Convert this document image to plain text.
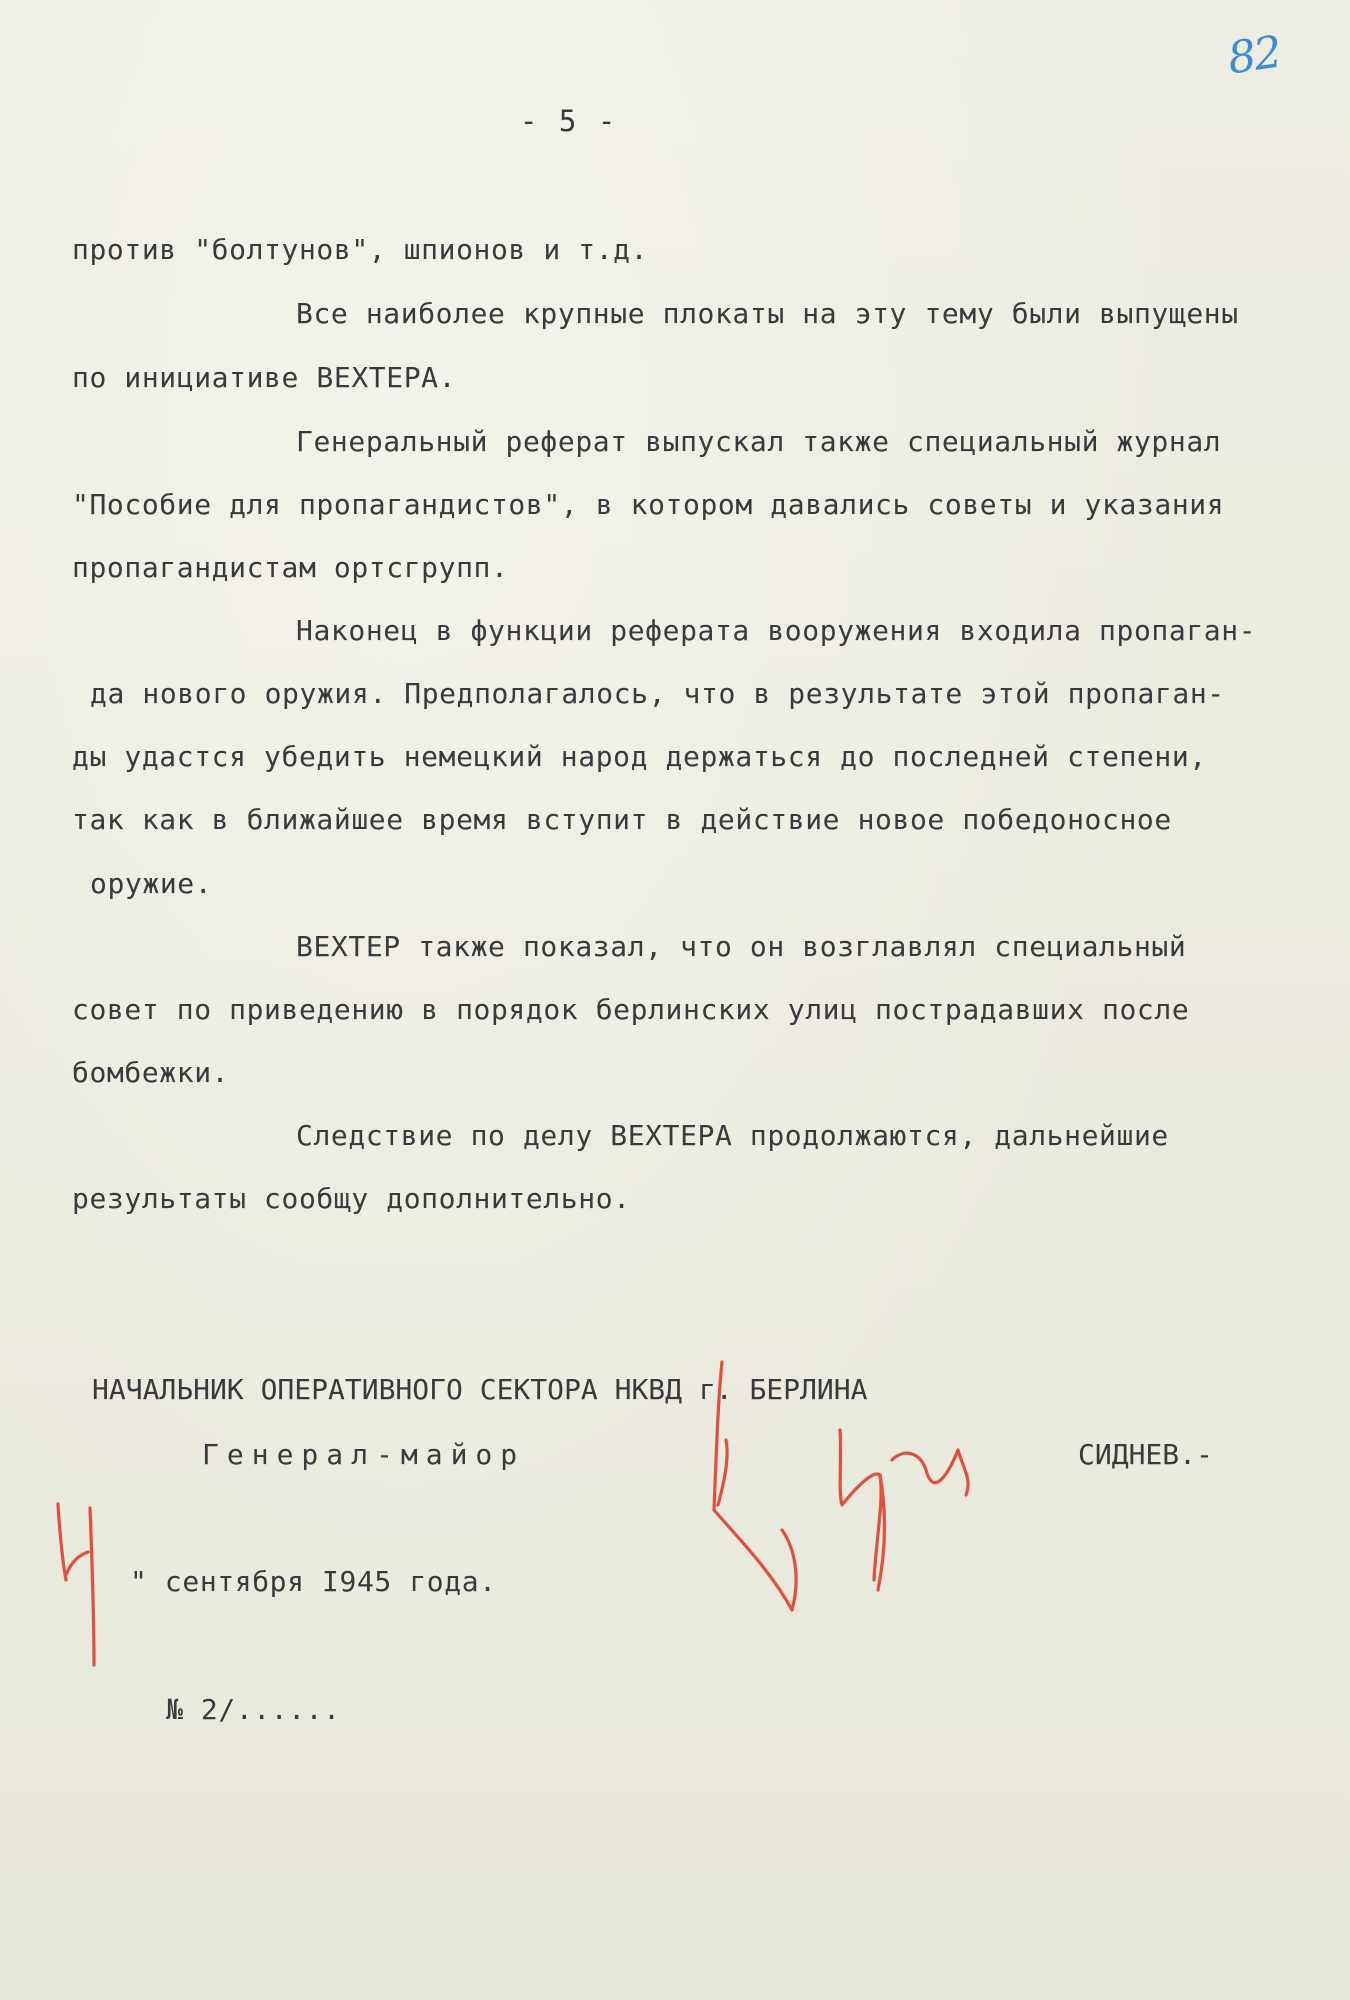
82
- 5 -
против "болтунов", шпионов и т.д.
Все наиболее крупные плокаты на эту тему были выпущены
по инициативе ВЕХТЕРА.
Генеральный реферат выпускал также специальный журнал
"Пособие для пропагандистов", в котором давались советы и указания
пропагандистам ортсгрупп.
Наконец в функции реферата вооружения входила пропаган-
да нового оружия. Предполагалось, что в результате этой пропаган-
ды удастся убедить немецкий народ держаться до последней степени,
так как в ближайшее время вступит в действие новое победоносное
оружие.
ВЕХТЕР также показал, что он возглавлял специальный
совет по приведению в порядок берлинских улиц пострадавших после
бомбежки.
Следствие по делу ВЕХТЕРА продолжаются, дальнейшие
результаты сообщу дополнительно.
НАЧАЛЬНИК ОПЕРАТИВНОГО СЕКТОРА НКВД г. БЕРЛИНА
Генерал-майор	СИДНЕВ.-
" сентября I945 года.
№ 2/......
